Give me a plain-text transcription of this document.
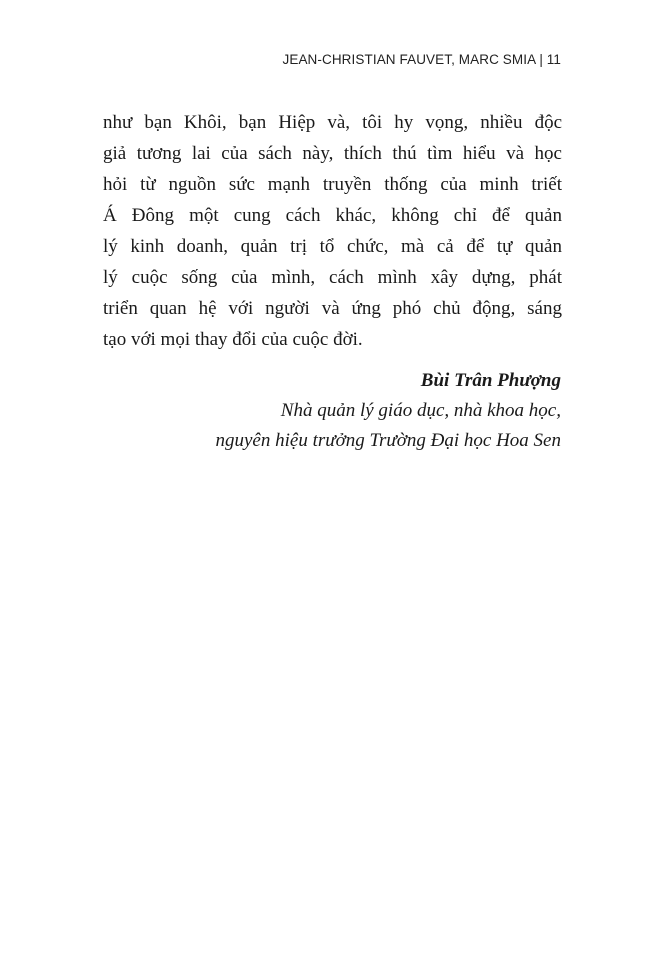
JEAN-CHRISTIAN FAUVET, MARC SMIA | 11
như bạn Khôi, bạn Hiệp và, tôi hy vọng, nhiều độc
giả tương lai của sách này, thích thú tìm hiểu và học
hỏi từ nguồn sức mạnh truyền thống của minh triết
Á Đông một cung cách khác, không chỉ để quản
lý kinh doanh, quản trị tổ chức, mà cả để tự quản
lý cuộc sống của mình, cách mình xây dựng, phát
triển quan hệ với người và ứng phó chủ động, sáng
tạo với mọi thay đổi của cuộc đời.
Bùi Trân Phượng
Nhà quản lý giáo dục, nhà khoa học,
nguyên hiệu trưởng Trường Đại học Hoa Sen
